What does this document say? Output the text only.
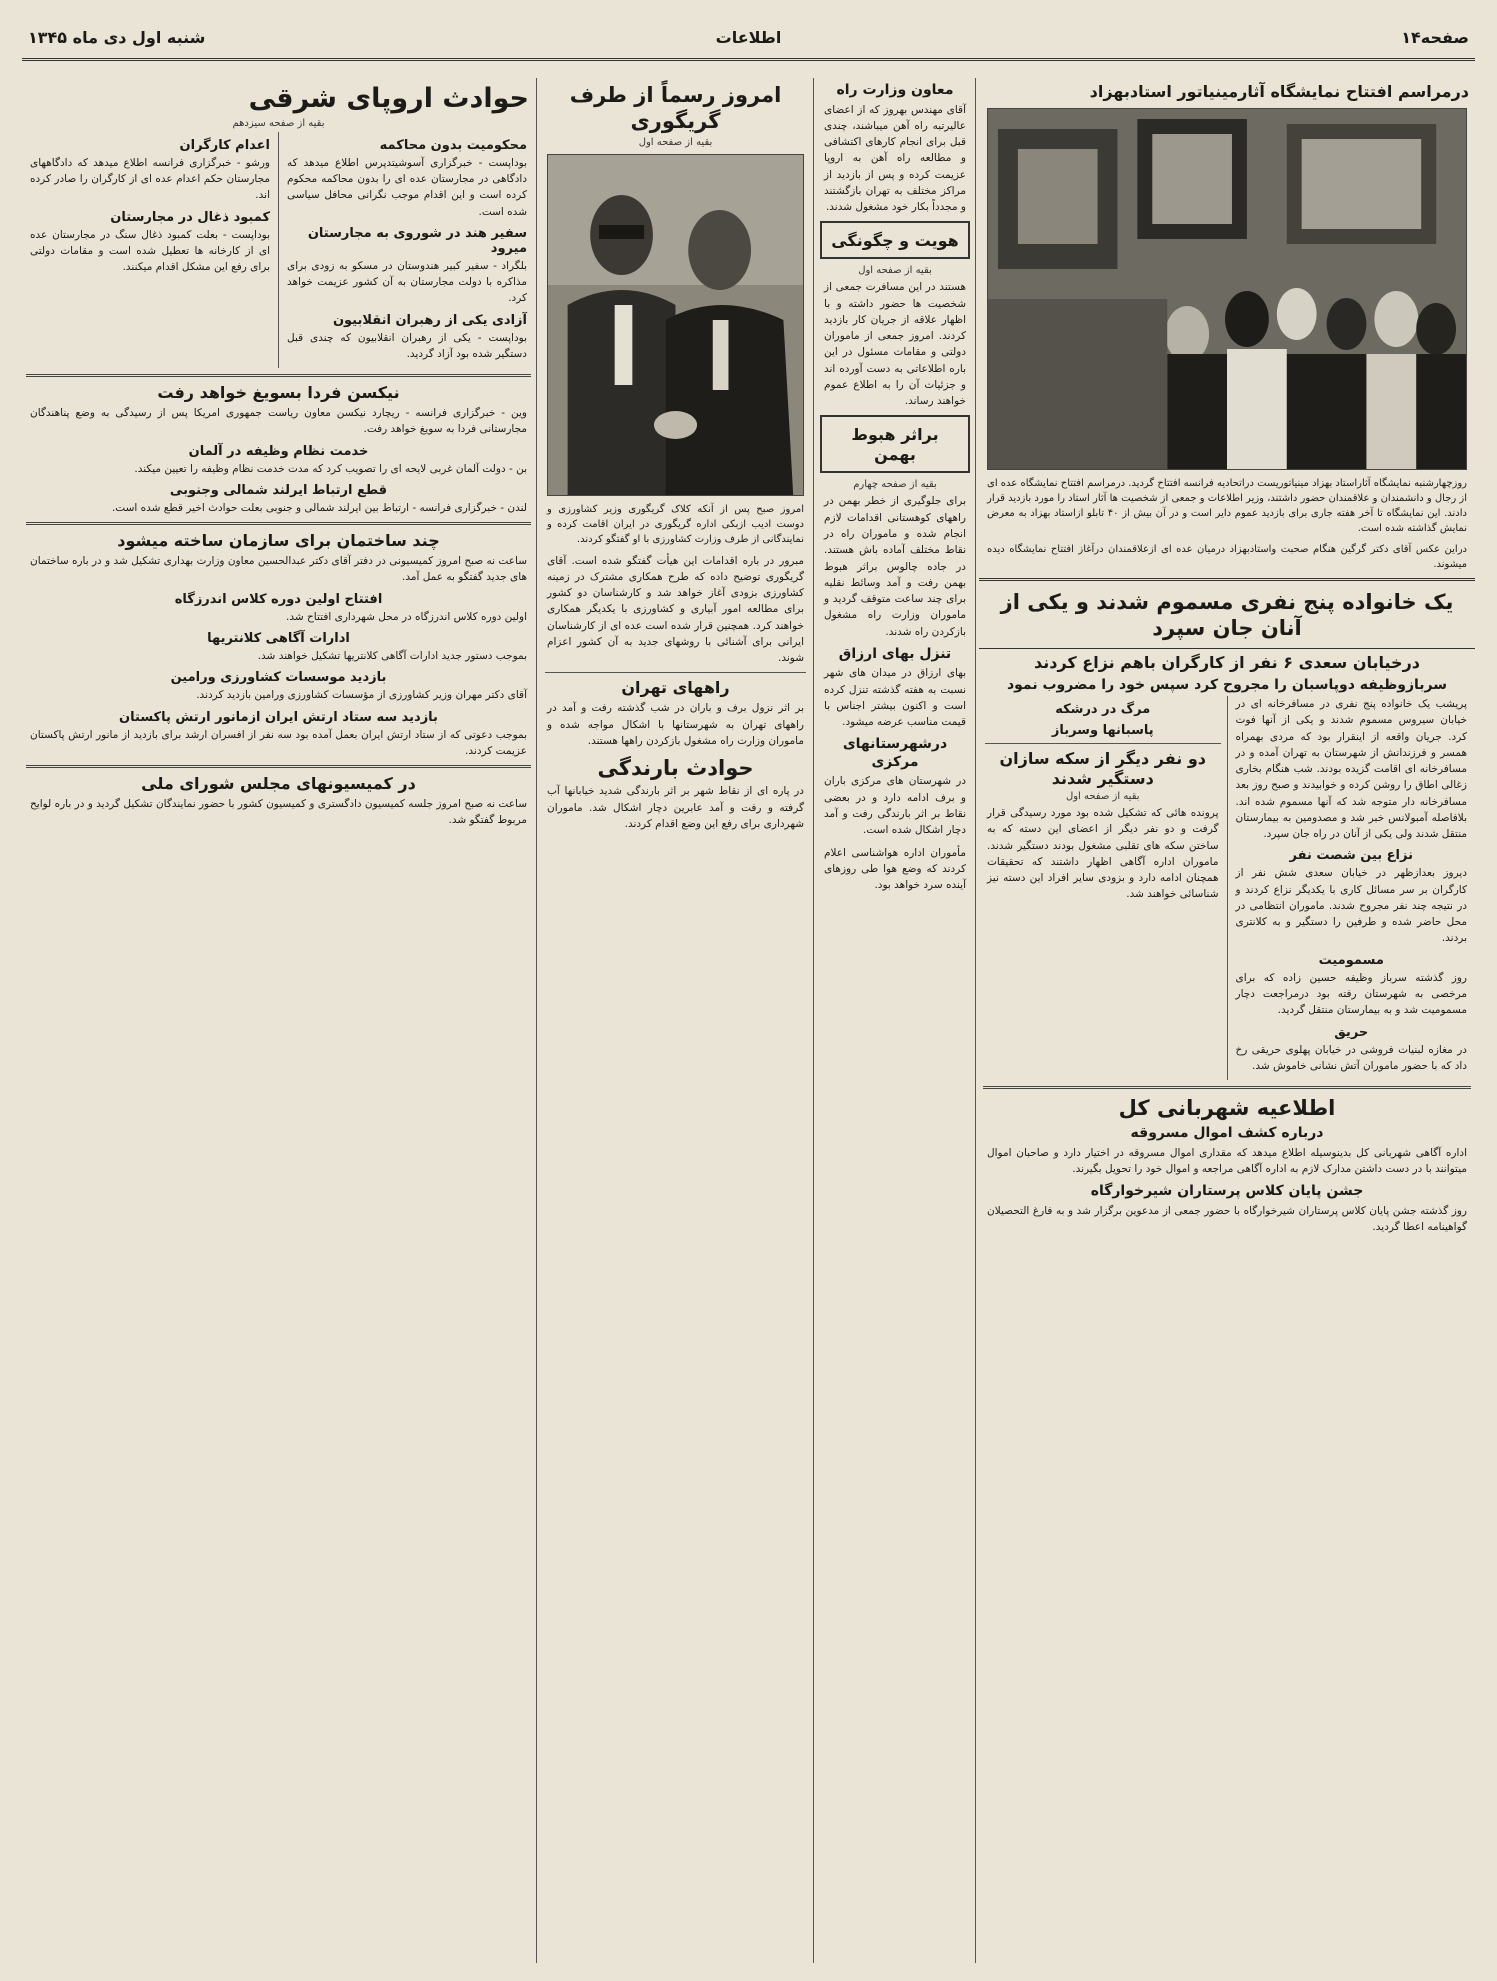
صفحه۱۴
اطلاعات
شنبه اول دی ماه ۱۳۴۵
درمراسم افتتاح نمایشگاه آثارمینیاتور استادبهزاد
روزچهارشنبه نمایشگاه آثاراستاد بهزاد مینیاتوریست دراتحادیه فرانسه افتتاح گردید. درمراسم افتتاح نمایشگاه عده ای از رجال و دانشمندان و علاقمندان حضور داشتند، وزیر اطلاعات و جمعی از شخصیت ها آثار استاد را مورد بازدید قرار دادند. این نمایشگاه تا آخر هفته جاری برای بازدید عموم دایر است و در آن بیش از ۴۰ تابلو ازاستاد بهزاد به معرض نمایش گذاشته شده است.
دراین عکس آقای دکتر گرگین هنگام صحبت واستادبهزاد درمیان عده ای ازعلاقمندان درآغاز افتتاح نمایشگاه دیده میشوند.
یک خانواده پنج نفری مسموم شدند و یکی از آنان جان سپرد
درخیابان سعدی ۶ نفر از کارگران باهم نزاع کردند
سربازوظیفه دوپاسبان را مجروح کرد سپس خود را مضروب نمود
پریشب یک خانواده پنج نفری در مسافرخانه ای در خیابان سیروس مسموم شدند و یکی از آنها فوت کرد. جریان واقعه از اینقرار بود که مردی بهمراه همسر و فرزندانش از شهرستان به تهران آمده و در مسافرخانه ای اقامت گزیده بودند. شب هنگام بخاری زغالی اطاق را روشن کرده و خوابیدند و صبح روز بعد مسافرخانه دار متوجه شد که آنها مسموم شده اند. بلافاصله آمبولانس خبر شد و مصدومین به بیمارستان منتقل شدند ولی یکی از آنان در راه جان سپرد.
نزاع بین شصت نفر
دیروز بعدازظهر در خیابان سعدی شش نفر از کارگران بر سر مسائل کاری با یکدیگر نزاع کردند و در نتیجه چند نفر مجروح شدند. ماموران انتظامی در محل حاضر شده و طرفین را دستگیر و به کلانتری بردند.
مسمومیت
روز گذشته سرباز وظیفه حسین زاده که برای مرخصی به شهرستان رفته بود درمراجعت دچار مسمومیت شد و به بیمارستان منتقل گردید.
حریق
در مغازه لبنیات فروشی در خیابان پهلوی حریقی رخ داد که با حضور ماموران آتش نشانی خاموش شد.
مرگ در درشکه
پاسبانها وسرباز
دو نفر دیگر از سکه سازان دستگیر شدند
بقیه از صفحه اول
پرونده هائی که تشکیل شده بود مورد رسیدگی قرار گرفت و دو نفر دیگر از اعضای این دسته که به ساختن سکه های تقلبی مشغول بودند دستگیر شدند. ماموران اداره آگاهی اظهار داشتند که تحقیقات همچنان ادامه دارد و بزودی سایر افراد این دسته نیز شناسائی خواهند شد.
اطلاعیه شهربانی کل
درباره کشف اموال مسروقه
اداره آگاهی شهربانی کل بدینوسیله اطلاع میدهد که مقداری اموال مسروقه در اختیار دارد و صاحبان اموال میتوانند با در دست داشتن مدارک لازم به اداره آگاهی مراجعه و اموال خود را تحویل بگیرند.
جشن پایان کلاس پرستاران شیرخوارگاه
روز گذشته جشن پایان کلاس پرستاران شیرخوارگاه با حضور جمعی از مدعوین برگزار شد و به فارغ التحصیلان گواهینامه اعطا گردید.
معاون وزارت راه
آقای مهندس بهروز که از اعضای عالیرتبه راه آهن میباشند، چندی قبل برای انجام کارهای اکتشافی و مطالعه راه آهن به اروپا عزیمت کرده و پس از بازدید از مراکز مختلف به تهران بازگشتند و مجدداً بکار خود مشغول شدند.
هویت و چگونگی
بقیه از صفحه اول
هستند در این مسافرت جمعی از شخصیت ها حضور داشته و با اظهار علاقه از جریان کار بازدید کردند. امروز جمعی از ماموران دولتی و مقامات مسئول در این باره اطلاعاتی به دست آورده اند و جزئیات آن را به اطلاع عموم خواهند رساند.
براثر هبوط بهمن
بقیه از صفحه چهارم
برای جلوگیری از خطر بهمن در راههای کوهستانی اقدامات لازم انجام شده و ماموران راه در نقاط مختلف آماده باش هستند. در جاده چالوس براثر هبوط بهمن رفت و آمد وسائط نقلیه برای چند ساعت متوقف گردید و ماموران وزارت راه مشغول بازکردن راه شدند.
تنزل بهای ارزاق
بهای ارزاق در میدان های شهر نسبت به هفته گذشته تنزل کرده است و اکنون بیشتر اجناس با قیمت مناسب عرضه میشود.
درشهرستانهای مرکزی
در شهرستان های مرکزی باران و برف ادامه دارد و در بعضی نقاط بر اثر بارندگی رفت و آمد دچار اشکال شده است.
مأموران اداره هواشناسی اعلام کردند که وضع هوا طی روزهای آینده سرد خواهد بود.
امروز رسماً از طرف گریگوری
بقیه از صفحه اول
امروز صبح پس از آنکه کلاک گریگوری وزیر کشاورزی و دوست ادیب ازبکی اداره گریگوری در ایران اقامت کرده و نمایندگانی از طرف وزارت کشاورزی با او گفتگو کردند.
مبرور در باره اقدامات این هیأت گفتگو شده است. آقای گریگوری توضیح داده که طرح همکاری مشترک در زمینه کشاورزی بزودی آغاز خواهد شد و کارشناسان دو کشور برای مطالعه امور آبیاری و کشاورزی با یکدیگر همکاری خواهند کرد. همچنین قرار شده است عده ای از کارشناسان ایرانی برای آشنائی با روشهای جدید به آن کشور اعزام شوند.
راههای تهران
بر اثر نزول برف و باران در شب گذشته رفت و آمد در راههای تهران به شهرستانها با اشکال مواجه شده و ماموران وزارت راه مشغول بازکردن راهها هستند.
حوادث بارندگی
در پاره ای از نقاط شهر بر اثر بارندگی شدید خیابانها آب گرفته و رفت و آمد عابرین دچار اشکال شد. ماموران شهرداری برای رفع این وضع اقدام کردند.
حوادث اروپای شرقی
بقیه از صفحه سیزدهم
محکومیت بدون محاکمه
بوداپست - خبرگزاری آسوشیتدپرس اطلاع میدهد که دادگاهی در مجارستان عده ای را بدون محاکمه محکوم کرده است و این اقدام موجب نگرانی محافل سیاسی شده است.
سفیر هند در شوروی به مجارستان میرود
بلگراد - سفیر کبیر هندوستان در مسکو به زودی برای مذاکره با دولت مجارستان به آن کشور عزیمت خواهد کرد.
آزادی یکی از رهبران انقلابیون
بوداپست - یکی از رهبران انقلابیون که چندی قبل دستگیر شده بود آزاد گردید.
اعدام کارگران
ورشو - خبرگزاری فرانسه اطلاع میدهد که دادگاههای مجارستان حکم اعدام عده ای از کارگران را صادر کرده اند.
کمبود ذغال در مجارستان
بوداپست - بعلت کمبود ذغال سنگ در مجارستان عده ای از کارخانه ها تعطیل شده است و مقامات دولتی برای رفع این مشکل اقدام میکنند.
نیکسن فردا بسویغ خواهد رفت
وین - خبرگزاری فرانسه - ریچارد نیکسن معاون ریاست جمهوری امریکا پس از رسیدگی به وضع پناهندگان مجارستانی فردا به سویغ خواهد رفت.
خدمت نظام وظیفه در آلمان
بن - دولت آلمان غربی لایحه ای را تصویب کرد که مدت خدمت نظام وظیفه را تعیین میکند.
قطع ارتباط ایرلند شمالی وجنوبی
لندن - خبرگزاری فرانسه - ارتباط بین ایرلند شمالی و جنوبی بعلت حوادث اخیر قطع شده است.
چند ساختمان برای سازمان ساخته میشود
ساعت نه صبح امروز کمیسیونی در دفتر آقای دکتر عبدالحسین معاون وزارت بهداری تشکیل شد و در باره ساختمان های جدید گفتگو به عمل آمد.
افتتاح اولین دوره کلاس اندرزگاه
اولین دوره کلاس اندرزگاه در محل شهرداری افتتاح شد.
ادارات آگاهی کلانتریها
بموجب دستور جدید ادارات آگاهی کلانتریها تشکیل خواهند شد.
بازدید موسسات کشاورزی ورامین
آقای دکتر مهران وزیر کشاورزی از مؤسسات کشاورزی ورامین بازدید کردند.
بازدید سه ستاد ارتش ایران ازمانور ارتش پاکستان
بموجب دعوتی که از ستاد ارتش ایران بعمل آمده بود سه نفر از افسران ارشد برای بازدید از مانور ارتش پاکستان عزیمت کردند.
در کمیسیونهای مجلس شورای ملی
ساعت نه صبح امروز جلسه کمیسیون دادگستری و کمیسیون کشور با حضور نمایندگان تشکیل گردید و در باره لوایح مربوط گفتگو شد.
